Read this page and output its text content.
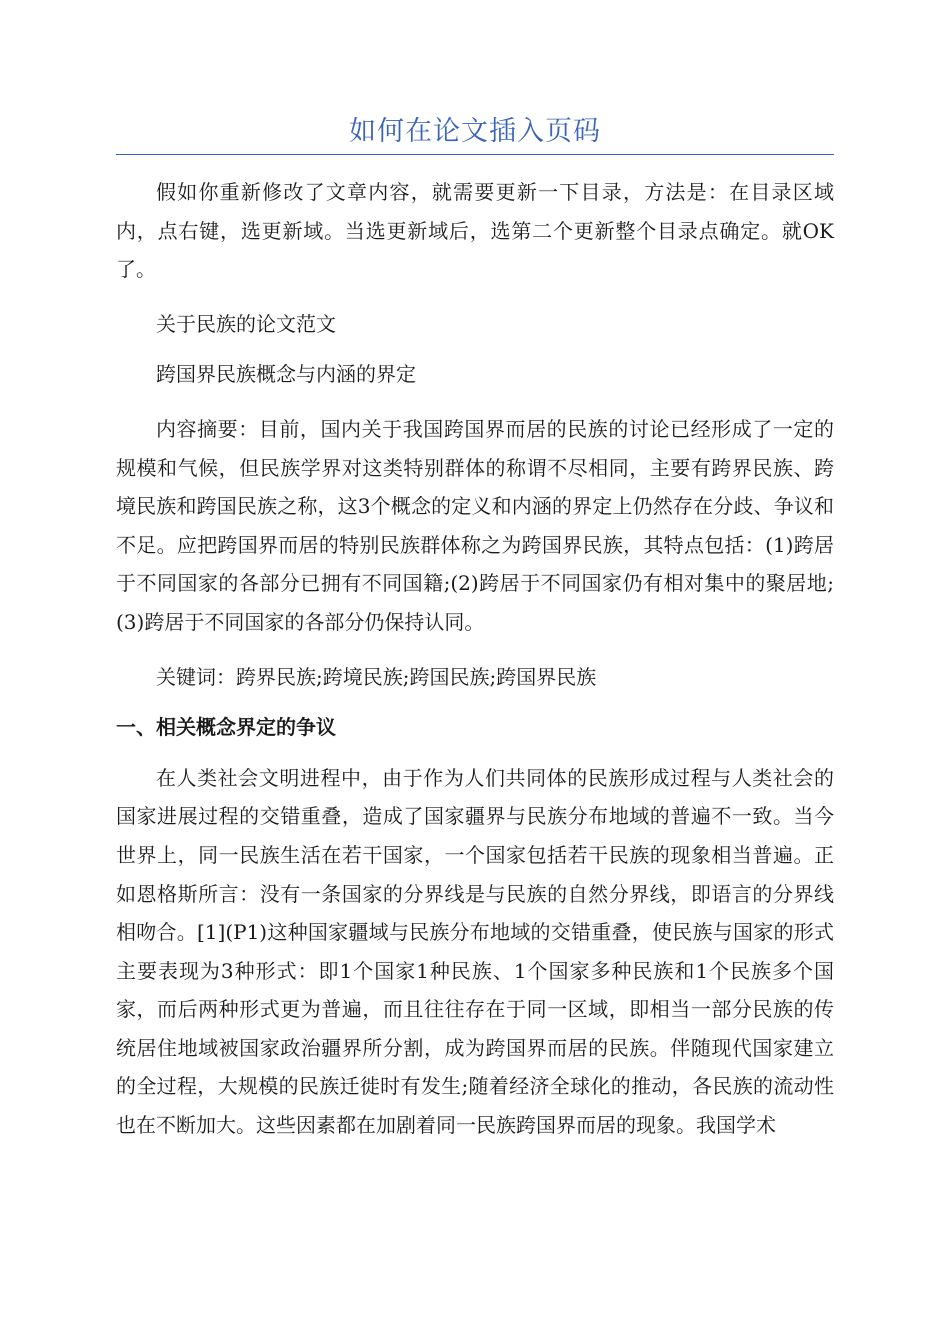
如何在论文插入页码

假如你重新修改了文章内容，就需要更新一下目录，方法是：在目录区域内，点右键，选更新域。当选更新域后，选第二个更新整个目录点确定。就OK了。

关于民族的论文范文

跨国界民族概念与内涵的界定

内容摘要：目前，国内关于我国跨国界而居的民族的讨论已经形成了一定的规模和气候，但民族学界对这类特别群体的称谓不尽相同，主要有跨界民族、跨境民族和跨国民族之称，这3个概念的定义和内涵的界定上仍然存在分歧、争议和不足。应把跨国界而居的特别民族群体称之为跨国界民族，其特点包括：(1)跨居于不同国家的各部分已拥有不同国籍;(2)跨居于不同国家仍有相对集中的聚居地;(3)跨居于不同国家的各部分仍保持认同。

关键词：跨界民族;跨境民族;跨国民族;跨国界民族

一、相关概念界定的争议

在人类社会文明进程中，由于作为人们共同体的民族形成过程与人类社会的国家进展过程的交错重叠，造成了国家疆界与民族分布地域的普遍不一致。当今世界上，同一民族生活在若干国家，一个国家包括若干民族的现象相当普遍。正如恩格斯所言：没有一条国家的分界线是与民族的自然分界线，即语言的分界线相吻合。[1](P1)这种国家疆域与民族分布地域的交错重叠，使民族与国家的形式主要表现为3种形式：即1个国家1种民族、1个国家多种民族和1个民族多个国家，而后两种形式更为普遍，而且往往存在于同一区域，即相当一部分民族的传统居住地域被国家政治疆界所分割，成为跨国界而居的民族。伴随现代国家建立的全过程，大规模的民族迁徙时有发生;随着经济全球化的推动，各民族的流动性也在不断加大。这些因素都在加剧着同一民族跨国界而居的现象。我国学术
